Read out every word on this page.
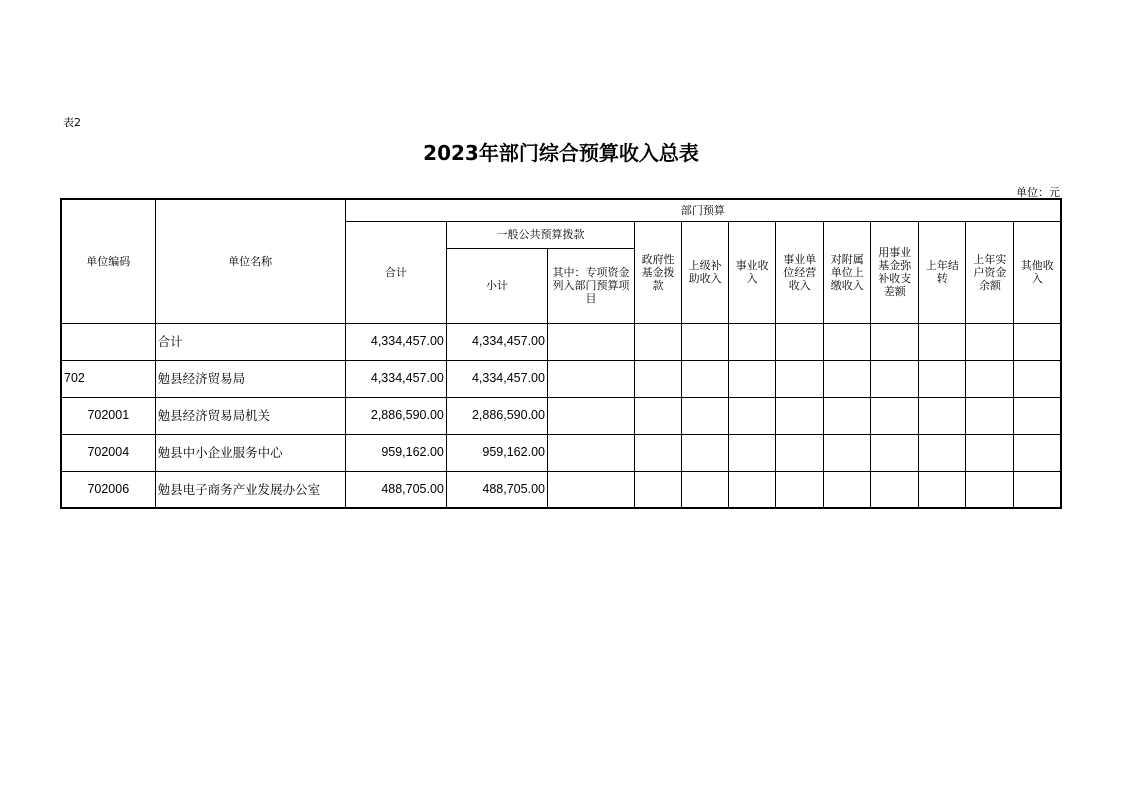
表2
2023年部门综合预算收入总表
单位：元
单位编码	单位名称	部门预算											
		合计	一般公共预算拨款		政府性基金拨款	上级补助收入	事业收入	事业单位经营收入	对附属单位上缴收入	用事业基金弥补收支差额	上年结转	上年实户资金余额	其他收入
			小计	其中：专项资金列入部门预算项目									
	合计	4,334,457.00	4,334,457.00										
702	勉县经济贸易局	4,334,457.00	4,334,457.00										
702001	勉县经济贸易局机关	2,886,590.00	2,886,590.00										
702004	勉县中小企业服务中心	959,162.00	959,162.00										
702006	勉县电子商务产业发展办公室	488,705.00	488,705.00										
